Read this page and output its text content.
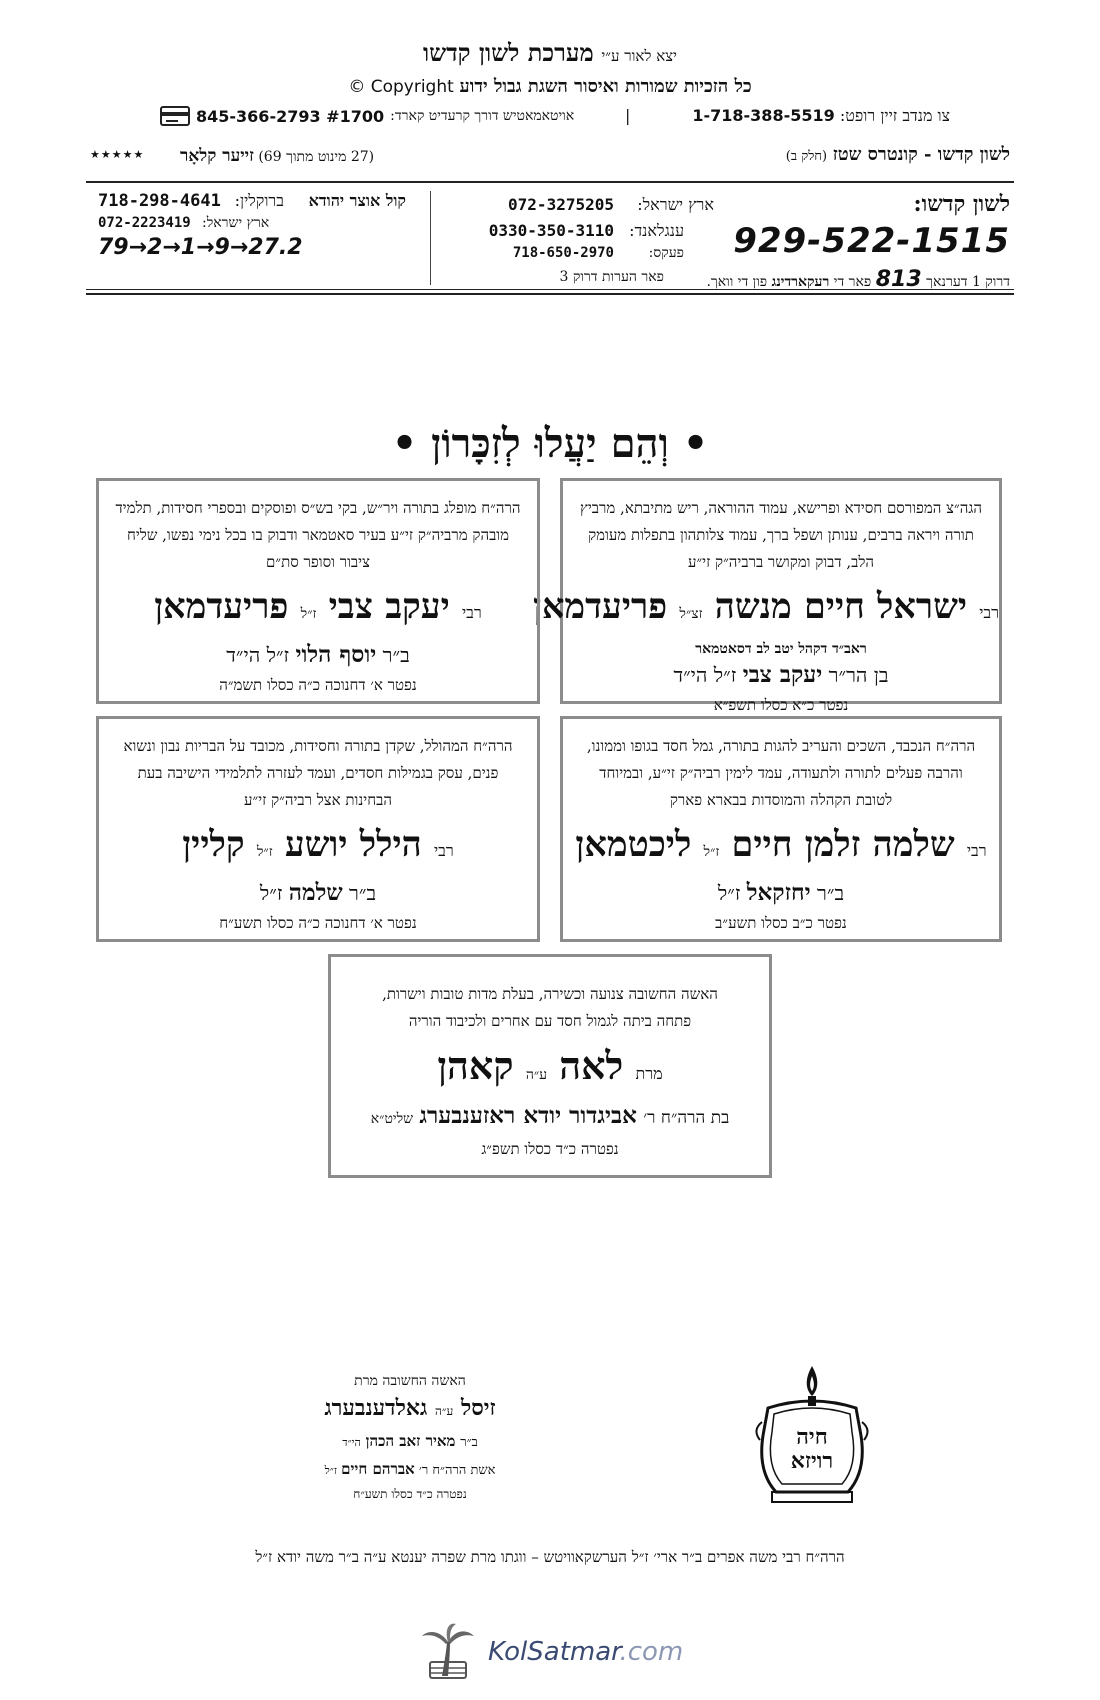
יצא לאור ע״י מערכת לשון קדשו
כל הזכיות שמורות ואיסור השגת גבול ידוע Copyright ©
צו מנדב זיין רופט: 1-718-388-5519
|
845-366-2793 #1700 אויטאמאטיש דורך קרעדיט קארד:
לשון קדשו - קונטרס שטז (חלק ב)
(27 מינוט מתוך 69) זייער קלאָר
★★★★★
לשון קדשו:
929-522-1515
דרוק 1 דערנאך 813 פאר די רעקארדינג פון די וואך.
ארץ ישראל:
072-3275205
ענגלאנד:
0330-350-3110
פעקס:
718-650-2970
פאר הערות דרוק 3
קול אוצר יהודא
ברוקלין:
718-298-4641
ארץ ישראל:
072-2223419
79→2→1→9→27.2
• וְהֵם יַעֲלוּ לְזִכָּרוֹן •
הגה״צ המפורסם חסידא ופרישא, עמוד ההוראה, ריש מתיבתא, מרביץ תורה ויראה ברבים, ענותן ושפל ברך, עמוד צלותהון בתפלות מעומק הלב, דבוק ומקושר ברביה״ק זי״ע
רבי ישראל חיים מנשה זצ״ל פריעדמאן
ראב״ד דקהל יטב לב דסאטמאר
בן הר״ר יעקב צבי ז״ל הי״ד
נפטר כ״א כסלו תשפ״א
הרה״ח מופלג בתורה ויר״ש, בקי בש״ס ופוסקים ובספרי חסידות, תלמיד מובהק מרביה״ק זי״ע בעיר סאטמאר ודבוק בו בכל נימי נפשו, שליח ציבור וסופר סת״ם
רבי יעקב צבי ז״ל פריעדמאן
ב״ר יוסף הלוי ז״ל הי״ד
נפטר א׳ דחנוכה כ״ה כסלו תשמ״ה
הרה״ח הנכבד, השכים והעריב להגות בתורה, גמל חסד בגופו וממונו, והרבה פעלים לתורה ולתעודה, עמד לימין רביה״ק זי״ע, ובמיוחד לטובת הקהלה והמוסדות בבארא פארק
רבי שלמה זלמן חיים ז״ל ליכטמאן
ב״ר יחזקאל ז״ל
נפטר כ״ב כסלו תשע״ב
הרה״ח המהולל, שקדן בתורה וחסידות, מכובד על הבריות נבון ונשוא פנים, עסק בגמילות חסדים, ועמד לעזרה לתלמידי הישיבה בעת הבחינות אצל רביה״ק זי״ע
רבי הילל יושע ז״ל קליין
ב״ר שלמה ז״ל
נפטר א׳ דחנוכה כ״ה כסלו תשע״ח
האשה החשובה צנועה וכשירה, בעלת מדות טובות וישרות, פתחה ביתה לגמול חסד עם אחרים ולכיבוד הוריה
מרת לאה ע״ה קאהן
בת הרה״ח ר׳ אביגדור יודא ראזענבערג שליט״א
נפטרה כ״ד כסלו תשפ״ג
האשה החשובה מרת
זיסל ע״ה גאלדענבערג
ב״ר מאיר זאב הכהן הי״ד
אשת הרה״ח ר׳ אברהם חיים ז״ל
נפטרה כ״ד כסלו תשע״ח
חיה
רויזא
הרה״ח רבי משה אפרים ב״ר ארי׳ ז״ל הערשקאוויטש – ווגתו מרת שפרה יענטא ע״ה ב״ר משה יודא ז״ל
KolSatmar.com
